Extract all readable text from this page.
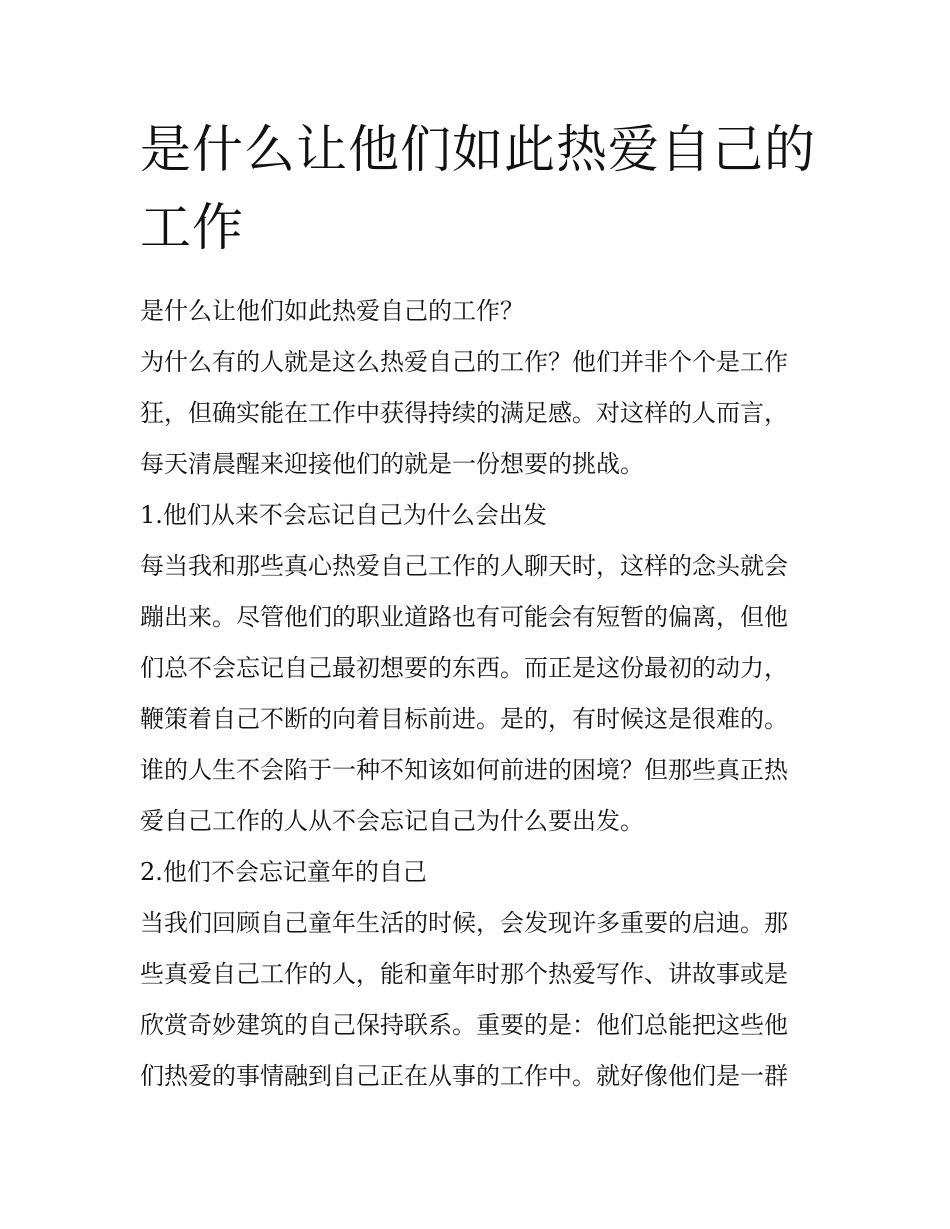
是什么让他们如此热爱自己的
工作

是什么让他们如此热爱自己的工作？

为什么有的人就是这么热爱自己的工作？他们并非个个是工作

狂，但确实能在工作中获得持续的满足感。对这样的人而言，

每天清晨醒来迎接他们的就是一份想要的挑战。

1.他们从来不会忘记自己为什么会出发

每当我和那些真心热爱自己工作的人聊天时，这样的念头就会

蹦出来。尽管他们的职业道路也有可能会有短暂的偏离，但他

们总不会忘记自己最初想要的东西。而正是这份最初的动力，

鞭策着自己不断的向着目标前进。是的，有时候这是很难的。

谁的人生不会陷于一种不知该如何前进的困境？但那些真正热

爱自己工作的人从不会忘记自己为什么要出发。

2.他们不会忘记童年的自己

当我们回顾自己童年生活的时候，会发现许多重要的启迪。那

些真爱自己工作的人，能和童年时那个热爱写作、讲故事或是

欣赏奇妙建筑的自己保持联系。重要的是：他们总能把这些他

们热爱的事情融到自己正在从事的工作中。就好像他们是一群
